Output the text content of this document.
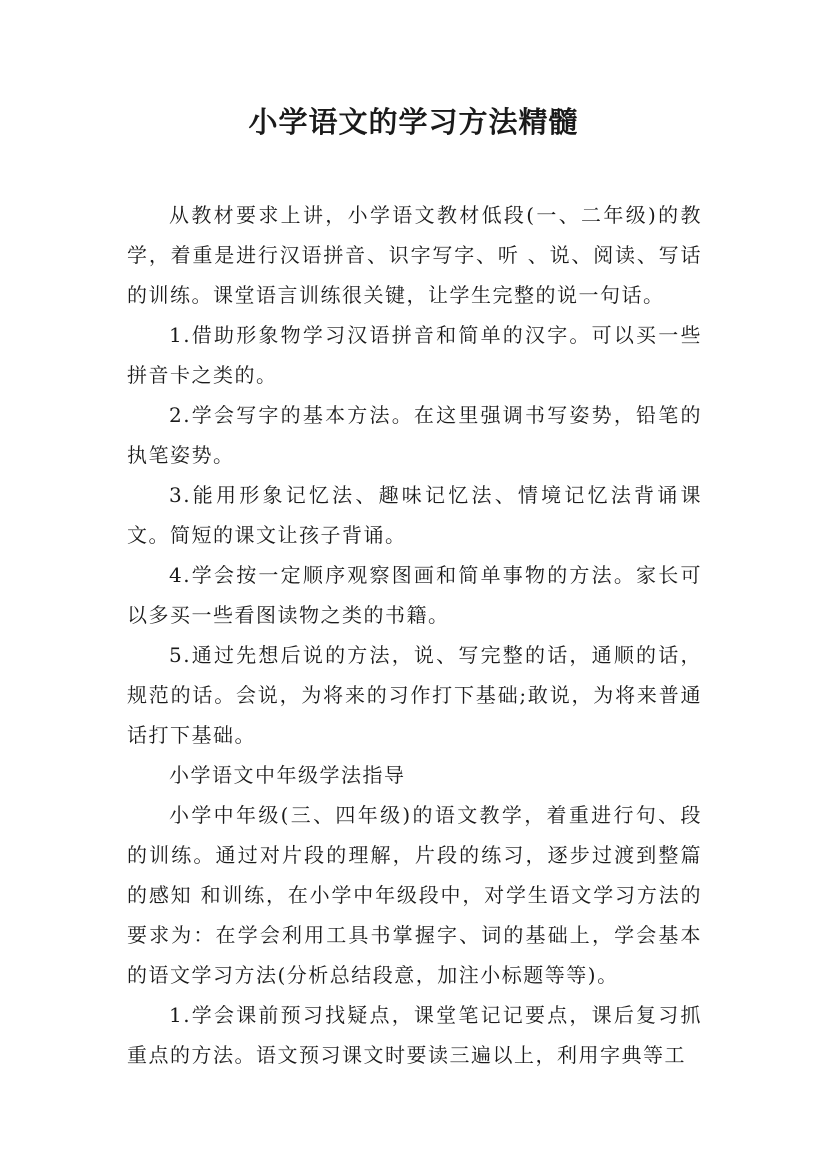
小学语文的学习方法精髓

从教材要求上讲，小学语文教材低段(一、二年级)的教学，着重是进行汉语拼音、识字写字、听 、说、阅读、写话的训练。课堂语言训练很关键，让学生完整的说一句话。

1.借助形象物学习汉语拼音和简单的汉字。可以买一些拼音卡之类的。

2.学会写字的基本方法。在这里强调书写姿势，铅笔的执笔姿势。

3.能用形象记忆法、趣味记忆法、情境记忆法背诵课文。简短的课文让孩子背诵。

4.学会按一定顺序观察图画和简单事物的方法。家长可以多买一些看图读物之类的书籍。

5.通过先想后说的方法，说、写完整的话，通顺的话，规范的话。会说，为将来的习作打下基础;敢说，为将来普通话打下基础。

小学语文中年级学法指导

小学中年级(三、四年级)的语文教学，着重进行句、段的训练。通过对片段的理解，片段的练习，逐步过渡到整篇的感知 和训练，在小学中年级段中，对学生语文学习方法的要求为：在学会利用工具书掌握字、词的基础上，学会基本的语文学习方法(分析总结段意，加注小标题等等)。

1.学会课前预习找疑点，课堂笔记记要点，课后复习抓重点的方法。语文预习课文时要读三遍以上，利用字典等工
